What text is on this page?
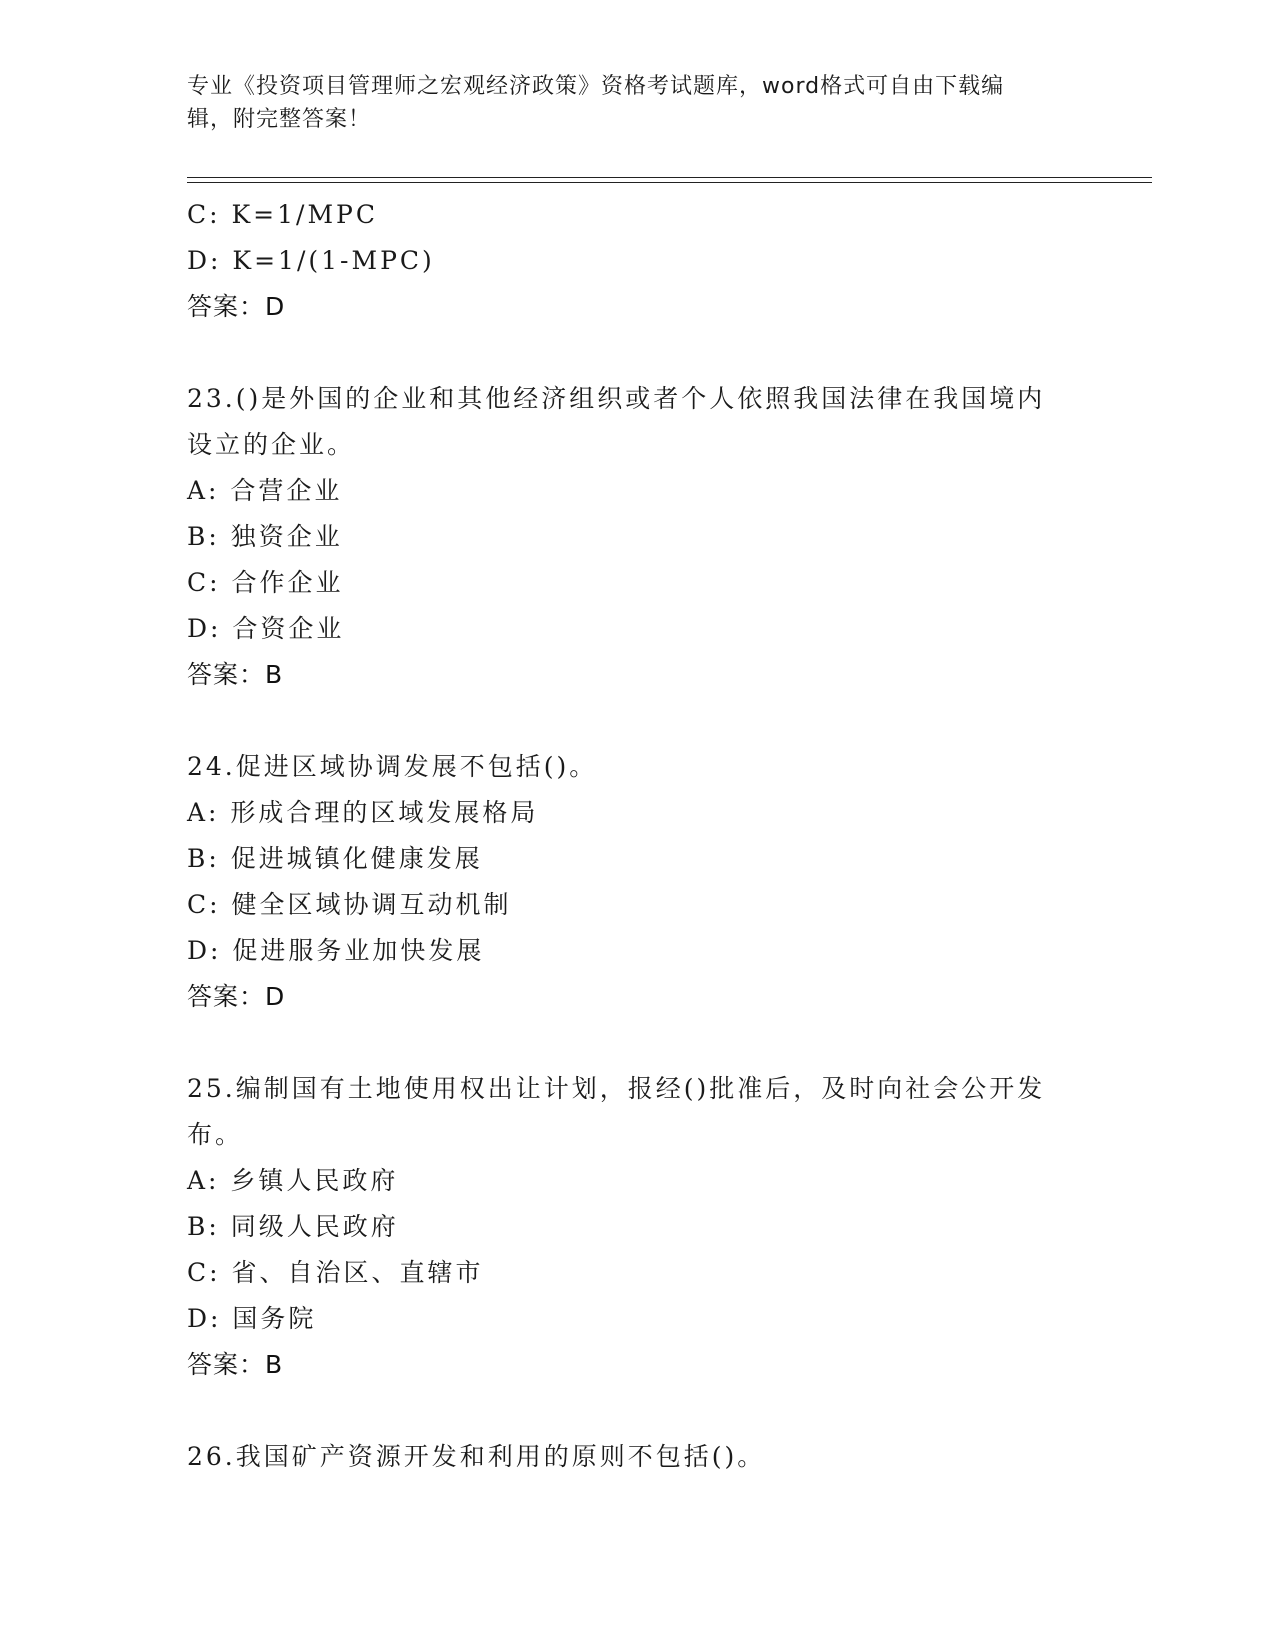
专业《投资项目管理师之宏观经济政策》资格考试题库，word格式可自由下载编
辑，附完整答案！
C: K=1/MPC
D: K=1/(1-MPC)
答案：D
23.()是外国的企业和其他经济组织或者个人依照我国法律在我国境内
设立的企业。
A: 合营企业
B: 独资企业
C: 合作企业
D: 合资企业
答案：B
24.促进区域协调发展不包括()。
A: 形成合理的区域发展格局
B: 促进城镇化健康发展
C: 健全区域协调互动机制
D: 促进服务业加快发展
答案：D
25.编制国有土地使用权出让计划，报经()批准后，及时向社会公开发
布。
A: 乡镇人民政府
B: 同级人民政府
C: 省、自治区、直辖市
D: 国务院
答案：B
26.我国矿产资源开发和利用的原则不包括()。
